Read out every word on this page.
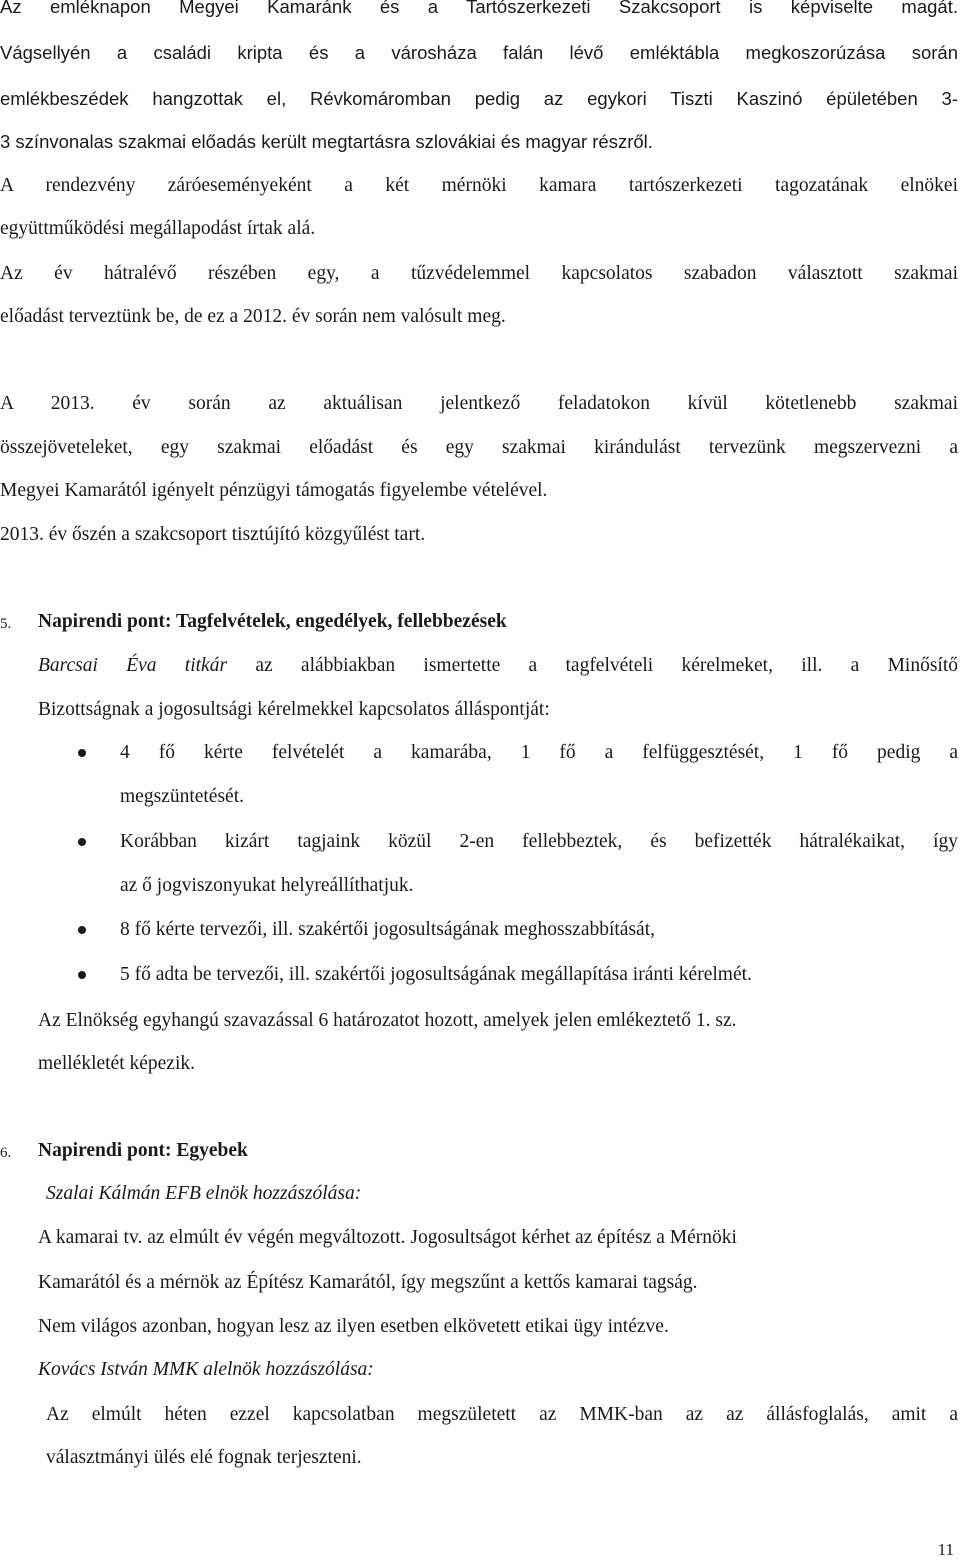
Az emléknapon Megyei Kamaránk és a Tartószerkezeti Szakcsoport is képviselte magát.
Vágsellyén a családi kripta és a városháza falán lévő emléktábla megkoszorúzása során
emlékbeszédek hangzottak el, Révkomáromban pedig az egykori Tiszti Kaszinó épületében 3-
3 színvonalas szakmai előadás került megtartásra szlovákiai és magyar részről.
A rendezvény záróeseményeként a két mérnöki kamara tartószerkezeti tagozatának elnökei
együttműködési megállapodást írtak alá.
Az év hátralévő részében egy, a tűzvédelemmel kapcsolatos szabadon választott szakmai
előadást terveztünk be, de ez a 2012. év során nem valósult meg.
A 2013. év során az aktuálisan jelentkező feladatokon kívül kötetlenebb szakmai
összejöveteleket, egy szakmai előadást és egy szakmai kirándulást tervezünk megszervezni a
Megyei Kamarától igényelt pénzügyi támogatás figyelembe vételével.
2013. év őszén a szakcsoport tisztújító közgyűlést tart.
5. Napirendi pont: Tagfelvételek, engedélyek, fellebbezések
Barcsai Éva titkár az alábbiakban ismertette a tagfelvételi kérelmeket, ill. a Minősítő
Bizottságnak a jogosultsági kérelmekkel kapcsolatos álláspontját:
4 fő kérte felvételét a kamarába, 1 fő a felfüggesztését, 1 fő pedig a
megszüntetését.
Korábban kizárt tagjaink közül 2-en fellebbeztek, és befizették hátralékaikat, így
az ő jogviszonyukat helyreállíthatjuk.
8 fő kérte tervezői, ill. szakértői jogosultságának meghosszabbítását,
5 fő adta be tervezői, ill. szakértői jogosultságának megállapítása iránti kérelmét.
Az Elnökség egyhangú szavazással 6 határozatot hozott, amelyek jelen emlékeztető 1. sz.
mellékletét képezik.
6. Napirendi pont: Egyebek
Szalai Kálmán EFB elnök hozzászólása:
A kamarai tv. az elmúlt év végén megváltozott. Jogosultságot kérhet az építész a Mérnöki
Kamarától és a mérnök az Építész Kamarától, így megszűnt a kettős kamarai tagság.
Nem világos azonban, hogyan lesz az ilyen esetben elkövetett etikai ügy intézve.
Kovács István MMK alelnök hozzászólása:
Az elmúlt héten ezzel kapcsolatban megszületett az MMK-ban az az állásfoglalás, amit a
választmányi ülés elé fognak terjeszteni.
11
